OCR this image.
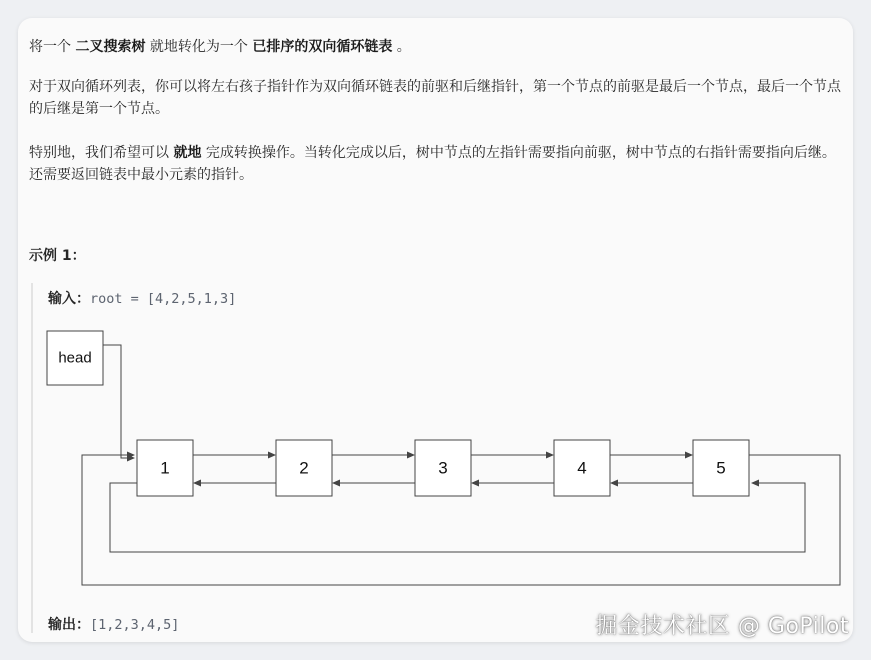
将一个 二叉搜索树 就地转化为一个 已排序的双向循环链表 。

对于双向循环列表，你可以将左右孩子指针作为双向循环链表的前驱和后继指针，第一个节点的前驱是最后一个节点，最后一个节点的后继是第一个节点。

特别地，我们希望可以 就地 完成转换操作。当转化完成以后，树中节点的左指针需要指向前驱，树中节点的右指针需要指向后继。还需要返回链表中最小元素的指针。

示例 1：
输入：root = [4,2,5,1,3]
输出：[1,2,3,4,5]
head
1	2	3	4	5
掘金技术社区 @ GoPilot
